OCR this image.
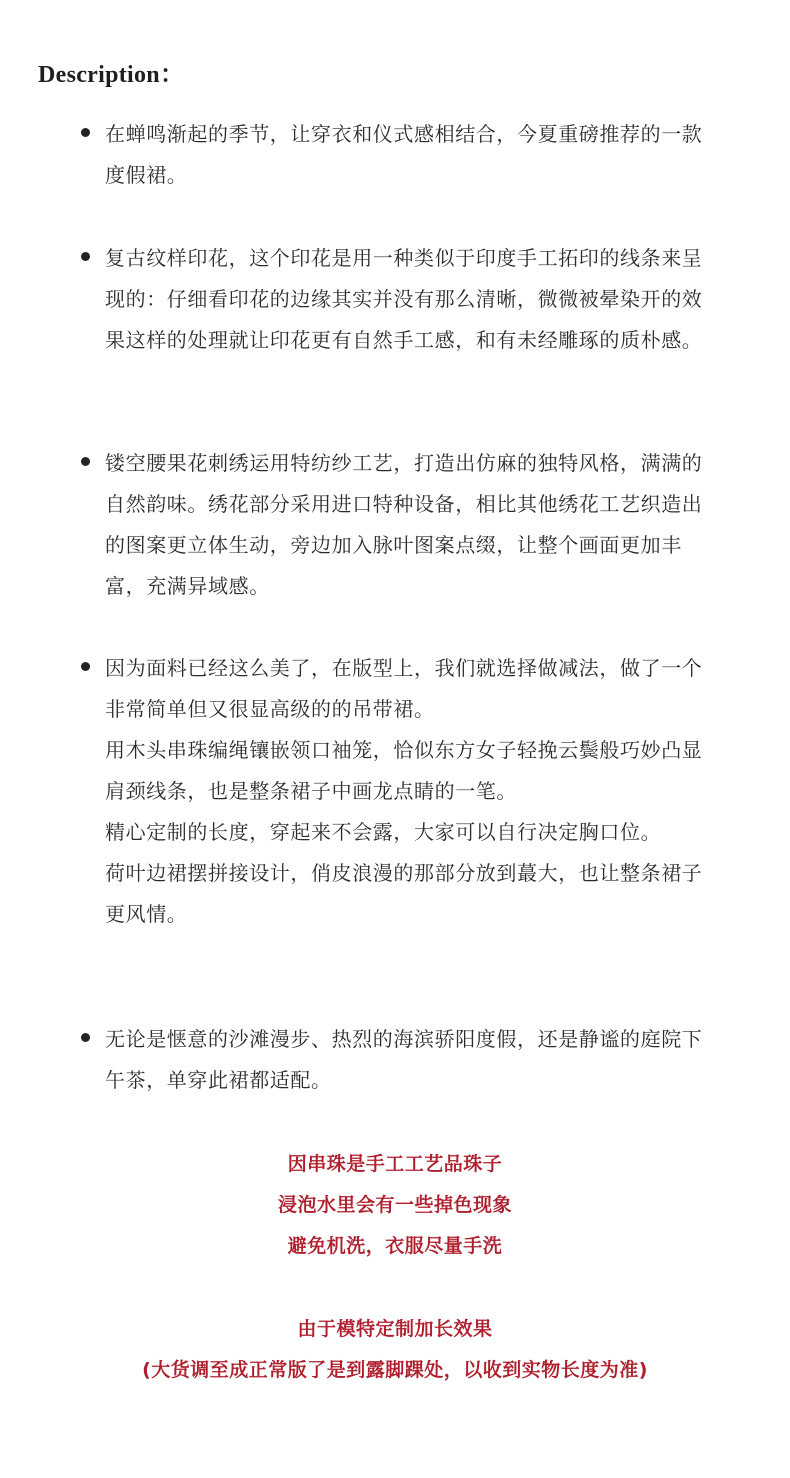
Description：
在蝉鸣渐起的季节，让穿衣和仪式感相结合，今夏重磅推荐的一款度假裙。
复古纹样印花，这个印花是用一种类似于印度手工拓印的线条来呈现的：仔细看印花的边缘其实并没有那么清晰，微微被晕染开的效果这样的处理就让印花更有自然手工感，和有未经雕琢的质朴感。
镂空腰果花刺绣运用特纺纱工艺，打造出仿麻的独特风格，满满的自然韵味。绣花部分采用进口特种设备，相比其他绣花工艺织造出的图案更立体生动，旁边加入脉叶图案点缀，让整个画面更加丰富，充满异域感。
因为面料已经这么美了，在版型上，我们就选择做减法，做了一个非常简单但又很显高级的的吊带裙。
用木头串珠编绳镶嵌领口袖笼，恰似东方女子轻挽云鬓般巧妙凸显肩颈线条，也是整条裙子中画龙点睛的一笔。
精心定制的长度，穿起来不会露，大家可以自行决定胸口位。
荷叶边裙摆拼接设计，俏皮浪漫的那部分放到蕞大，也让整条裙子更风情。
无论是惬意的沙滩漫步、热烈的海滨骄阳度假，还是静谧的庭院下午茶，单穿此裙都适配。
因串珠是手工工艺品珠子
浸泡水里会有一些掉色现象
避免机洗，衣服尽量手洗
由于模特定制加长效果
(大货调至成正常版了是到露脚踝处，以收到实物长度为准)
